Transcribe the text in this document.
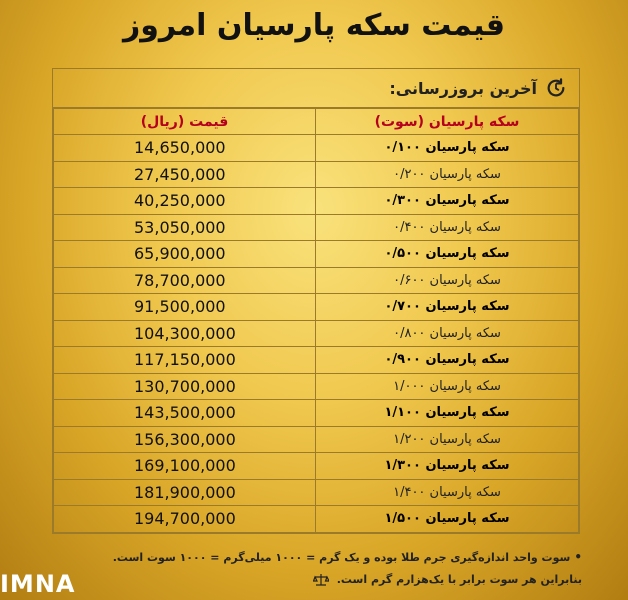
قیمت سکه پارسیان امروز
آخرین بروزرسانی:
سکه پارسیان (سوت)	قیمت (ریال)
سکه پارسیان ۰/۱۰۰	14,650,000
سکه پارسیان ۰/۲۰۰	27,450,000
سکه پارسیان ۰/۳۰۰	40,250,000
سکه پارسیان ۰/۴۰۰	53,050,000
سکه پارسیان ۰/۵۰۰	65,900,000
سکه پارسیان ۰/۶۰۰	78,700,000
سکه پارسیان ۰/۷۰۰	91,500,000
سکه پارسیان ۰/۸۰۰	104,300,000
سکه پارسیان ۰/۹۰۰	117,150,000
سکه پارسیان ۱/۰۰۰	130,700,000
سکه پارسیان ۱/۱۰۰	143,500,000
سکه پارسیان ۱/۲۰۰	156,300,000
سکه پارسیان ۱/۳۰۰	169,100,000
سکه پارسیان ۱/۴۰۰	181,900,000
سکه پارسیان ۱/۵۰۰	194,700,000
•سوت واحد اندازه‌گیری جرم طلا بوده و یک گرم = ۱۰۰۰ میلی‌گرم = ۱۰۰۰ سوت است.
بنابراین هر سوت برابر با یک‌هزارم گرم است.
IMNA
